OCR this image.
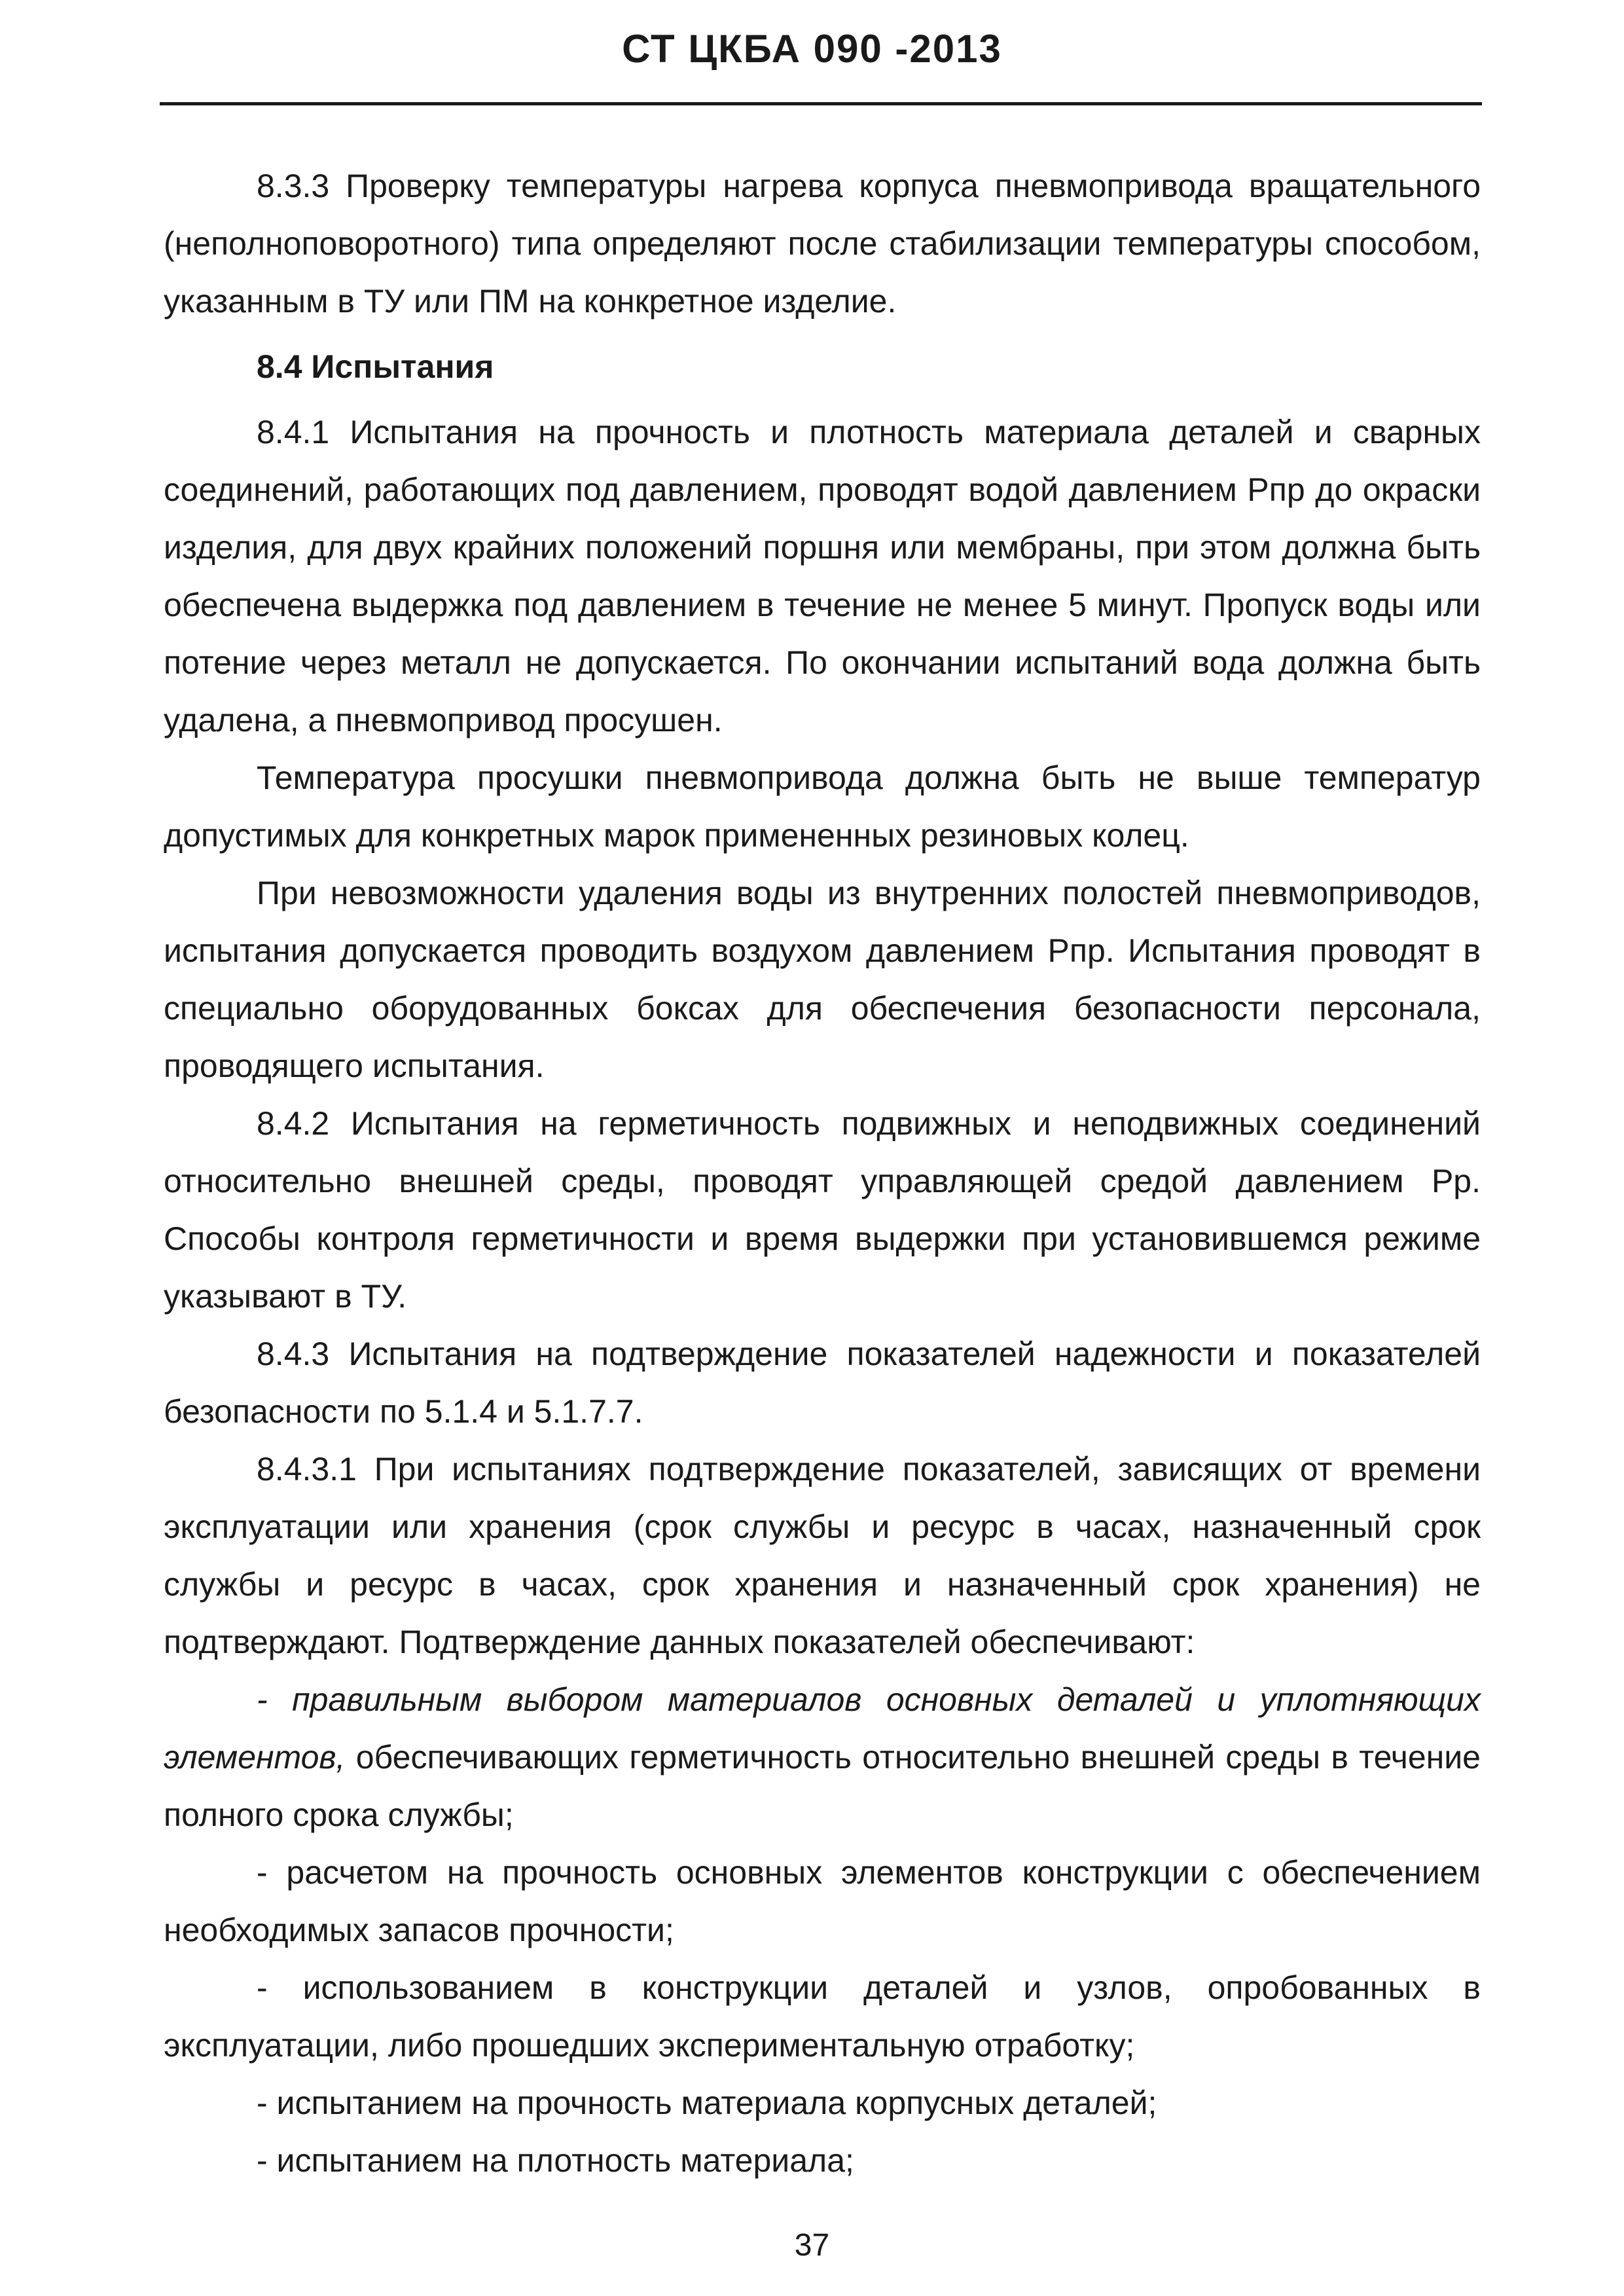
СТ ЦКБА 090 -2013

8.3.3 Проверку температуры нагрева корпуса пневмопривода вращательного (неполноповоротного) типа определяют после стабилизации температуры способом, указанным в ТУ или ПМ на конкретное изделие.

8.4 Испытания

8.4.1 Испытания на прочность и плотность материала деталей и сварных соединений, работающих под давлением, проводят водой давлением Рпр до окраски изделия, для двух крайних положений поршня или мембраны, при этом должна быть обеспечена выдержка под давлением в течение не менее 5 минут. Пропуск воды или потение через металл не допускается. По окончании испытаний вода должна быть удалена, а пневмопривод просушен.

Температура просушки пневмопривода должна быть не выше температур допустимых для конкретных марок примененных резиновых колец.

При невозможности удаления воды из внутренних полостей пневмоприводов, испытания допускается проводить воздухом давлением Рпр. Испытания проводят в специально оборудованных боксах для обеспечения безопасности персонала, проводящего испытания.

8.4.2 Испытания на герметичность подвижных и неподвижных соединений относительно внешней среды, проводят управляющей средой давлением Рр. Способы контроля герметичности и время выдержки при установившемся режиме указывают в ТУ.

8.4.3 Испытания на подтверждение показателей надежности и показателей безопасности по 5.1.4 и 5.1.7.7.

8.4.3.1 При испытаниях подтверждение показателей, зависящих от времени эксплуатации или хранения (срок службы и ресурс в часах, назначенный срок службы и ресурс в часах, срок хранения и назначенный срок хранения) не подтверждают. Подтверждение данных показателей обеспечивают:

- правильным выбором материалов основных деталей и уплотняющих элементов, обеспечивающих герметичность относительно внешней среды в течение полного срока службы;

- расчетом на прочность основных элементов конструкции с обеспечением необходимых запасов прочности;

- использованием в конструкции деталей и узлов, опробованных в эксплуатации, либо прошедших экспериментальную отработку;

- испытанием на прочность материала корпусных деталей;

- испытанием на плотность материала;

37
